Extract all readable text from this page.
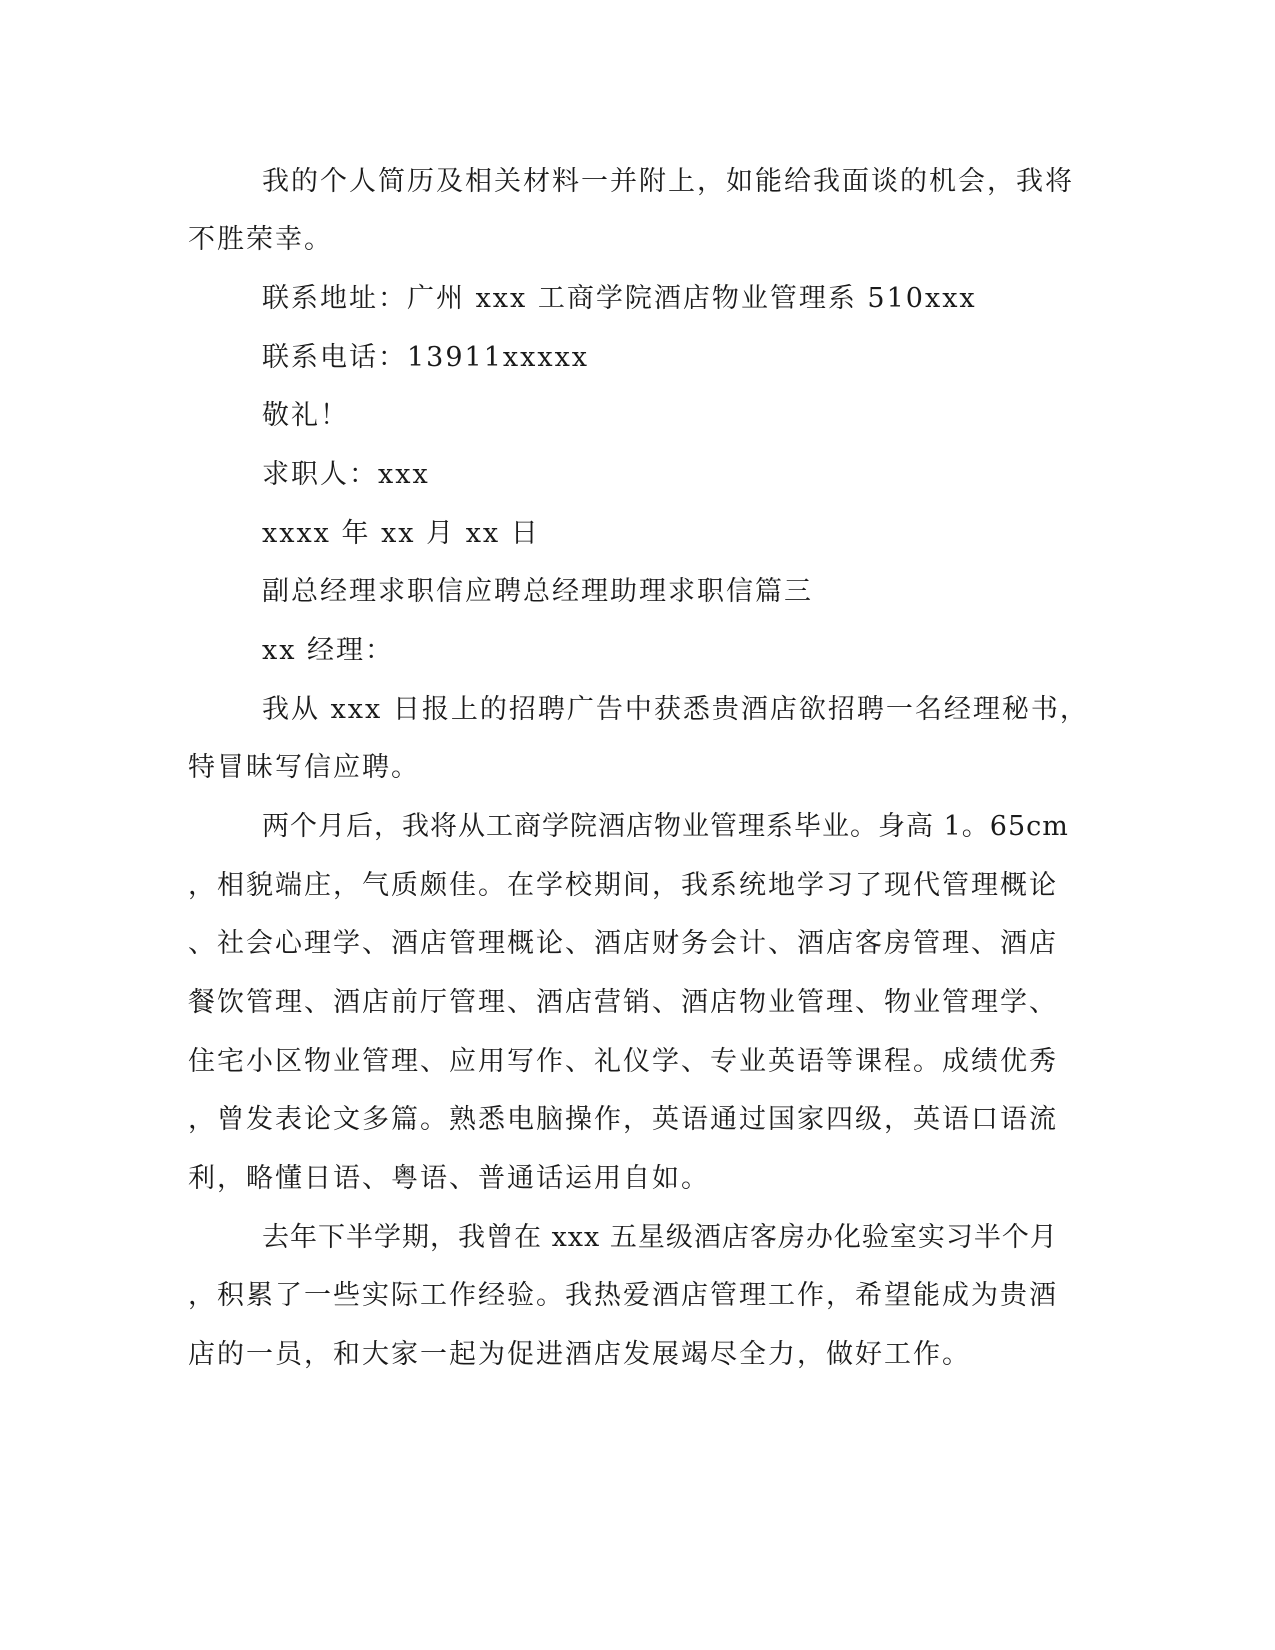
我的个人简历及相关材料一并附上，如能给我面谈的机会，我将
不胜荣幸。
联系地址：广州 xxx 工商学院酒店物业管理系 510xxx
联系电话：13911xxxxx
敬礼！
求职人：xxx
xxxx 年 xx 月 xx 日
副总经理求职信应聘总经理助理求职信篇三
xx 经理：
我从 xxx 日报上的招聘广告中获悉贵酒店欲招聘一名经理秘书，
特冒昧写信应聘。
两个月后，我将从工商学院酒店物业管理系毕业。身高 1。65cm
，相貌端庄，气质颇佳。在学校期间，我系统地学习了现代管理概论
、社会心理学、酒店管理概论、酒店财务会计、酒店客房管理、酒店
餐饮管理、酒店前厅管理、酒店营销、酒店物业管理、物业管理学、
住宅小区物业管理、应用写作、礼仪学、专业英语等课程。成绩优秀
，曾发表论文多篇。熟悉电脑操作，英语通过国家四级，英语口语流
利，略懂日语、粤语、普通话运用自如。
去年下半学期，我曾在 xxx 五星级酒店客房办化验室实习半个月
，积累了一些实际工作经验。我热爱酒店管理工作，希望能成为贵酒
店的一员，和大家一起为促进酒店发展竭尽全力，做好工作。
